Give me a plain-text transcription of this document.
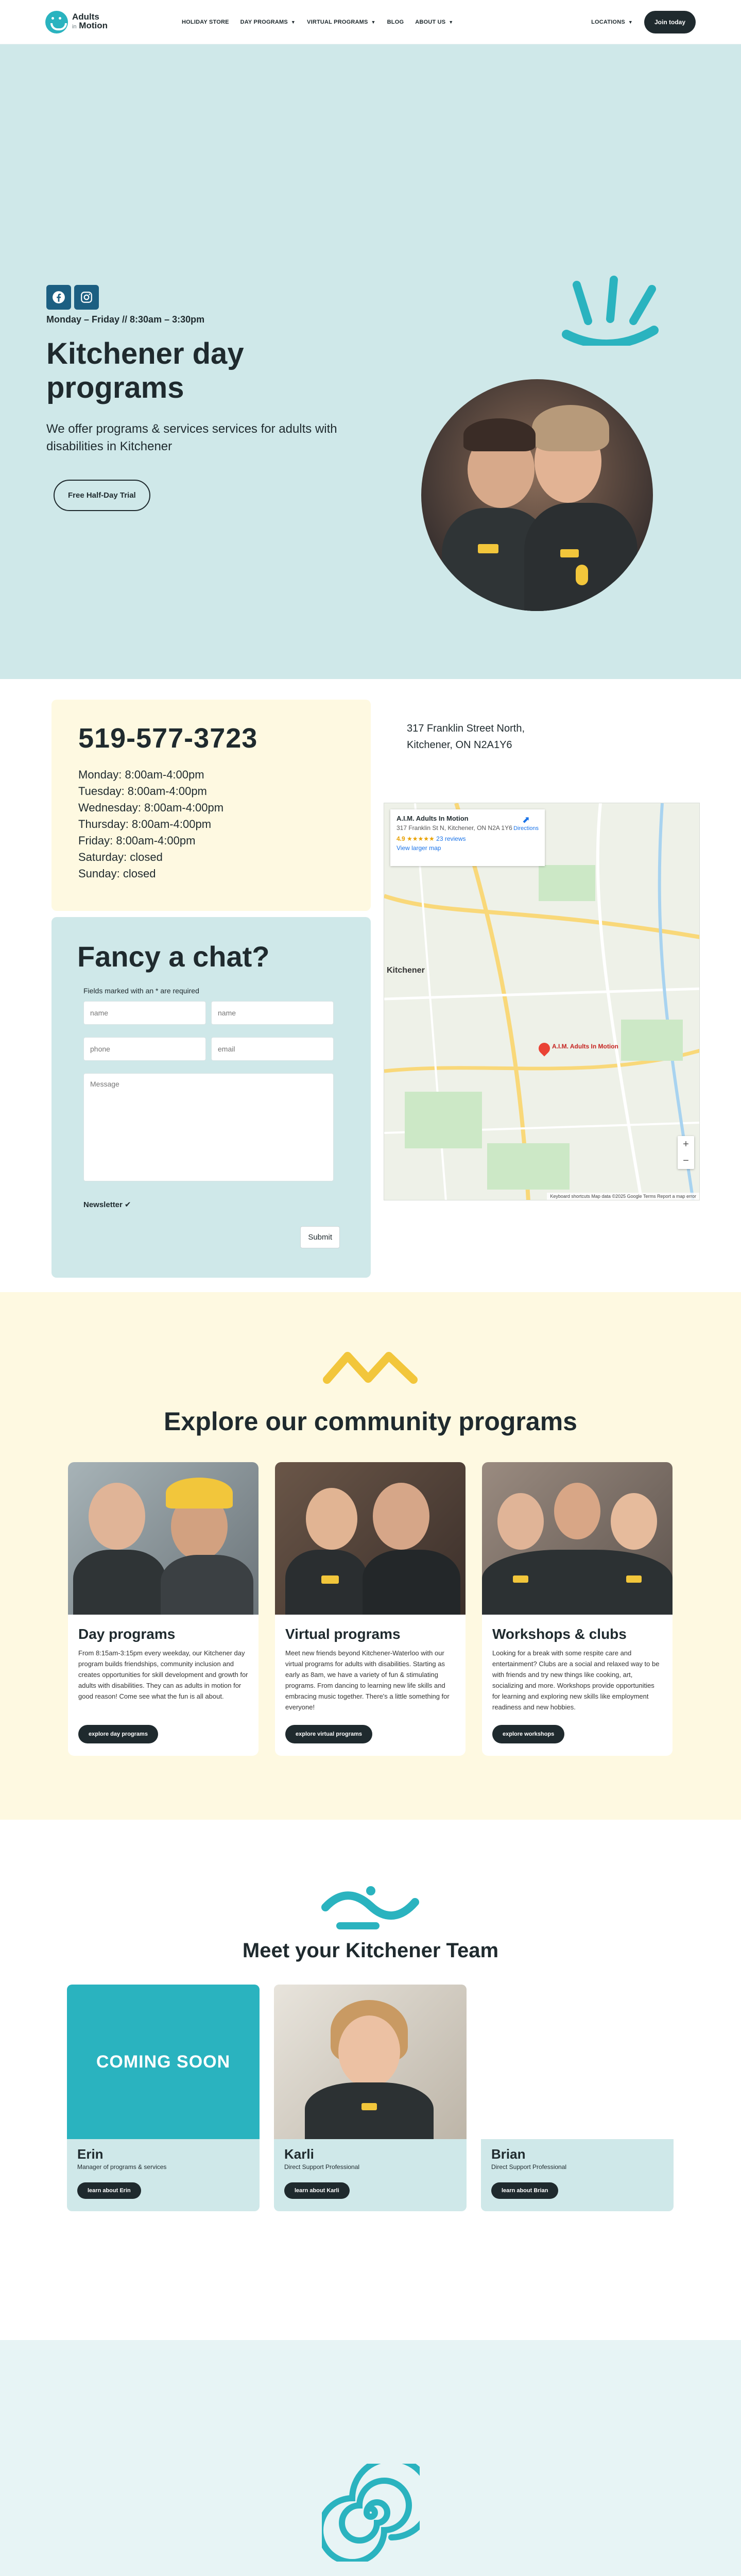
Adults
in Motion	HOLIDAY STORE DAY PROGRAMS ▼ VIRTUAL PROGRAMS ▼ BLOG ABOUT US ▼	LOCATIONS ▼	Join today
Monday – Friday // 8:30am – 3:30pm
Kitchener day programs

We offer programs & services services for adults with disabilities in Kitchener

Free Half-Day Trial
519-577-3723
Monday: 8:00am-4:00pm
Tuesday: 8:00am-4:00pm
Wednesday: 8:00am-4:00pm
Thursday: 8:00am-4:00pm
Friday: 8:00am-4:00pm
Saturday: closed
Sunday: closed
Fancy a chat?

Fields marked with an * are required

name
name
phone
email
Message
Newsletter ✔
Submit
317 Franklin Street North,
Kitchener, ON N2A1Y6
A.I.M. Adults In Motion
317 Franklin St N, Kitchener, ON N2A 1Y6
4.9 ★★★★★ 23 reviews
View larger map
⬈
Directions
Kitchener
A.I.M. Adults In Motion
+
−
Keyboard shortcuts Map data ©2025 Google Terms Report a map error
Explore our community programs
Day programs
From 8:15am-3:15pm every weekday, our Kitchener day program builds friendships, community inclusion and creates opportunities for skill development and growth for adults with disabilities. They can as adults in motion for good reason! Come see what the fun is all about.
explore day programs
Virtual programs
Meet new friends beyond Kitchener-Waterloo with our virtual programs for adults with disabilities. Starting as early as 8am, we have a variety of fun & stimulating programs. From dancing to learning new life skills and embracing music together. There's a little something for everyone!
explore virtual programs
Workshops & clubs
Looking for a break with some respite care and entertainment? Clubs are a social and relaxed way to be with friends and try new things like cooking, art, socializing and more. Workshops provide opportunities for learning and exploring new skills like employment readiness and new hobbies.
explore workshops
Meet your Kitchener Team
COMING SOON
Erin
Manager of programs & services
learn about Erin
Karli
Direct Support Professional
learn about Karli
Brian
Direct Support Professional
learn about Brian
